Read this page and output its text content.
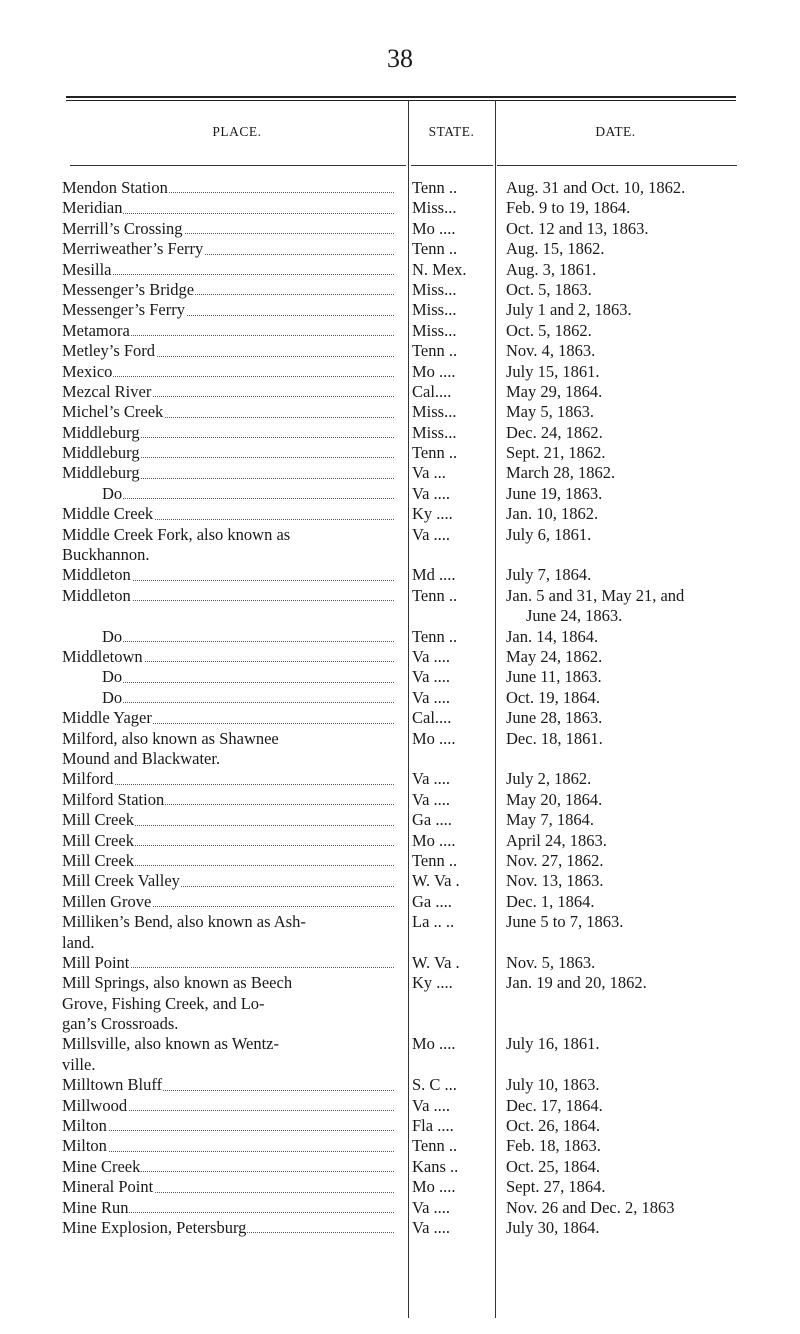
38
PLACE.	STATE.	DATE.
Mendon Station	Tenn ..	Aug. 31 and Oct. 10, 1862.
Meridian	Miss...	Feb. 9 to 19, 1864.
Merrill’s Crossing	Mo ....	Oct. 12 and 13, 1863.
Merriweather’s Ferry	Tenn ..	Aug. 15, 1862.
Mesilla	N. Mex.	Aug. 3, 1861.
Messenger’s Bridge	Miss...	Oct. 5, 1863.
Messenger’s Ferry	Miss...	July 1 and 2, 1863.
Metamora	Miss...	Oct. 5, 1862.
Metley’s Ford	Tenn ..	Nov. 4, 1863.
Mexico	Mo ....	July 15, 1861.
Mezcal River	Cal....	May 29, 1864.
Michel’s Creek	Miss...	May 5, 1863.
Middleburg	Miss...	Dec. 24, 1862.
Middleburg	Tenn ..	Sept. 21, 1862.
Middleburg	Va ...	March 28, 1862.
Do	Va ....	June 19, 1863.
Middle Creek	Ky ....	Jan. 10, 1862.
Middle Creek Fork, also known as
Buckhannon.
Va ....	July 6, 1861.
Middleton	Md ....	July 7, 1864.
Middleton	Tenn ..	Jan. 5 and 31, May 21, and
June 24, 1863.
Do	Tenn ..	Jan. 14, 1864.
Middletown	Va ....	May 24, 1862.
Do	Va ....	June 11, 1863.
Do	Va ....	Oct. 19, 1864.
Middle Yager	Cal....	June 28, 1863.
Milford, also known as Shawnee
Mound and Blackwater.
Mo ....	Dec. 18, 1861.
Milford	Va ....	July 2, 1862.
Milford Station	Va ....	May 20, 1864.
Mill Creek	Ga ....	May 7, 1864.
Mill Creek	Mo ....	April 24, 1863.
Mill Creek	Tenn ..	Nov. 27, 1862.
Mill Creek Valley	W. Va .	Nov. 13, 1863.
Millen Grove	Ga ....	Dec. 1, 1864.
Milliken’s Bend, also known as Ash-
land.
La .. ..	June 5 to 7, 1863.
Mill Point	W. Va .	Nov. 5, 1863.
Mill Springs, also known as Beech
Grove, Fishing Creek, and Lo-
gan’s Crossroads.
Ky ....	Jan. 19 and 20, 1862.
Millsville, also known as Wentz-
ville.
Mo ....	July 16, 1861.
Milltown Bluff	S. C ...	July 10, 1863.
Millwood	Va ....	Dec. 17, 1864.
Milton	Fla ....	Oct. 26, 1864.
Milton	Tenn ..	Feb. 18, 1863.
Mine Creek	Kans ..	Oct. 25, 1864.
Mineral Point	Mo ....	Sept. 27, 1864.
Mine Run	Va ....	Nov. 26 and Dec. 2, 1863
Mine Explosion, Petersburg	Va ....	July 30, 1864.
